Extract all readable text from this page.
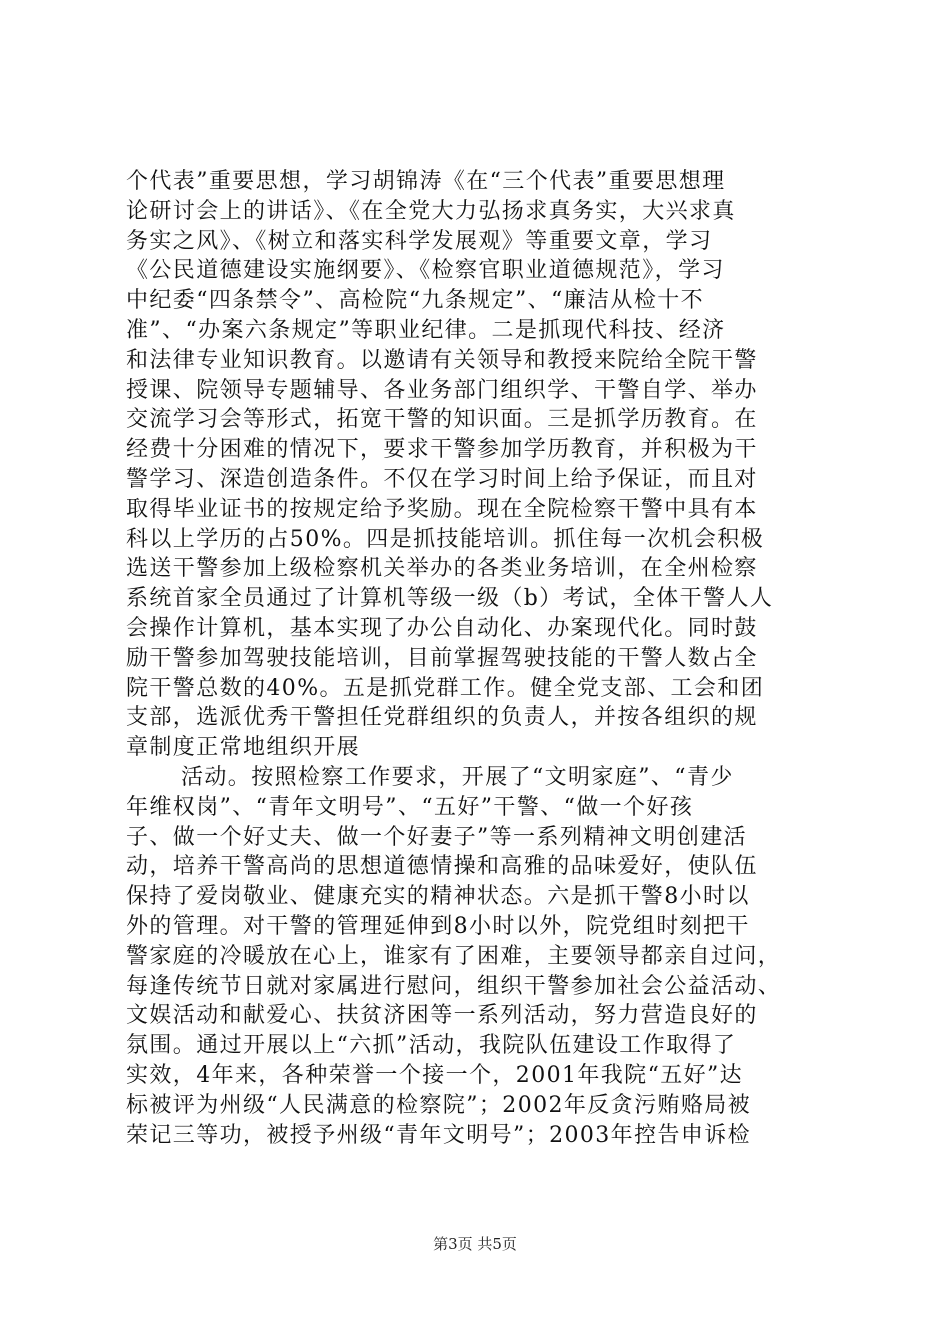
个代表”重要思想，学习胡锦涛《在“三个代表”重要思想理
论研讨会上的讲话》、《在全党大力弘扬求真务实，大兴求真
务实之风》、《树立和落实科学发展观》等重要文章，学习
《公民道德建设实施纲要》、《检察官职业道德规范》，学习
中纪委“四条禁令”、高检院“九条规定”、“廉洁从检十不
准”、“办案六条规定”等职业纪律。二是抓现代科技、经济
和法律专业知识教育。以邀请有关领导和教授来院给全院干警
授课、院领导专题辅导、各业务部门组织学、干警自学、举办
交流学习会等形式，拓宽干警的知识面。三是抓学历教育。在
经费十分困难的情况下，要求干警参加学历教育，并积极为干
警学习、深造创造条件。不仅在学习时间上给予保证，而且对
取得毕业证书的按规定给予奖励。现在全院检察干警中具有本
科以上学历的占50%。四是抓技能培训。抓住每一次机会积极
选送干警参加上级检察机关举办的各类业务培训，在全州检察
系统首家全员通过了计算机等级一级（b）考试，全体干警人人
会操作计算机，基本实现了办公自动化、办案现代化。同时鼓
励干警参加驾驶技能培训，目前掌握驾驶技能的干警人数占全
院干警总数的40%。五是抓党群工作。健全党支部、工会和团
支部，选派优秀干警担任党群组织的负责人，并按各组织的规
章制度正常地组织开展
活动。按照检察工作要求，开展了“文明家庭”、“青少
年维权岗”、“青年文明号”、“五好”干警、“做一个好孩
子、做一个好丈夫、做一个好妻子”等一系列精神文明创建活
动，培养干警高尚的思想道德情操和高雅的品味爱好，使队伍
保持了爱岗敬业、健康充实的精神状态。六是抓干警8小时以
外的管理。对干警的管理延伸到8小时以外，院党组时刻把干
警家庭的冷暖放在心上，谁家有了困难，主要领导都亲自过问，
每逢传统节日就对家属进行慰问，组织干警参加社会公益活动、
文娱活动和献爱心、扶贫济困等一系列活动，努力营造良好的
氛围。通过开展以上“六抓”活动，我院队伍建设工作取得了
实效，4年来，各种荣誉一个接一个，2001年我院“五好”达
标被评为州级“人民满意的检察院”；2002年反贪污贿赂局被
荣记三等功，被授予州级“青年文明号”；2003年控告申诉检
第3页 共5页
